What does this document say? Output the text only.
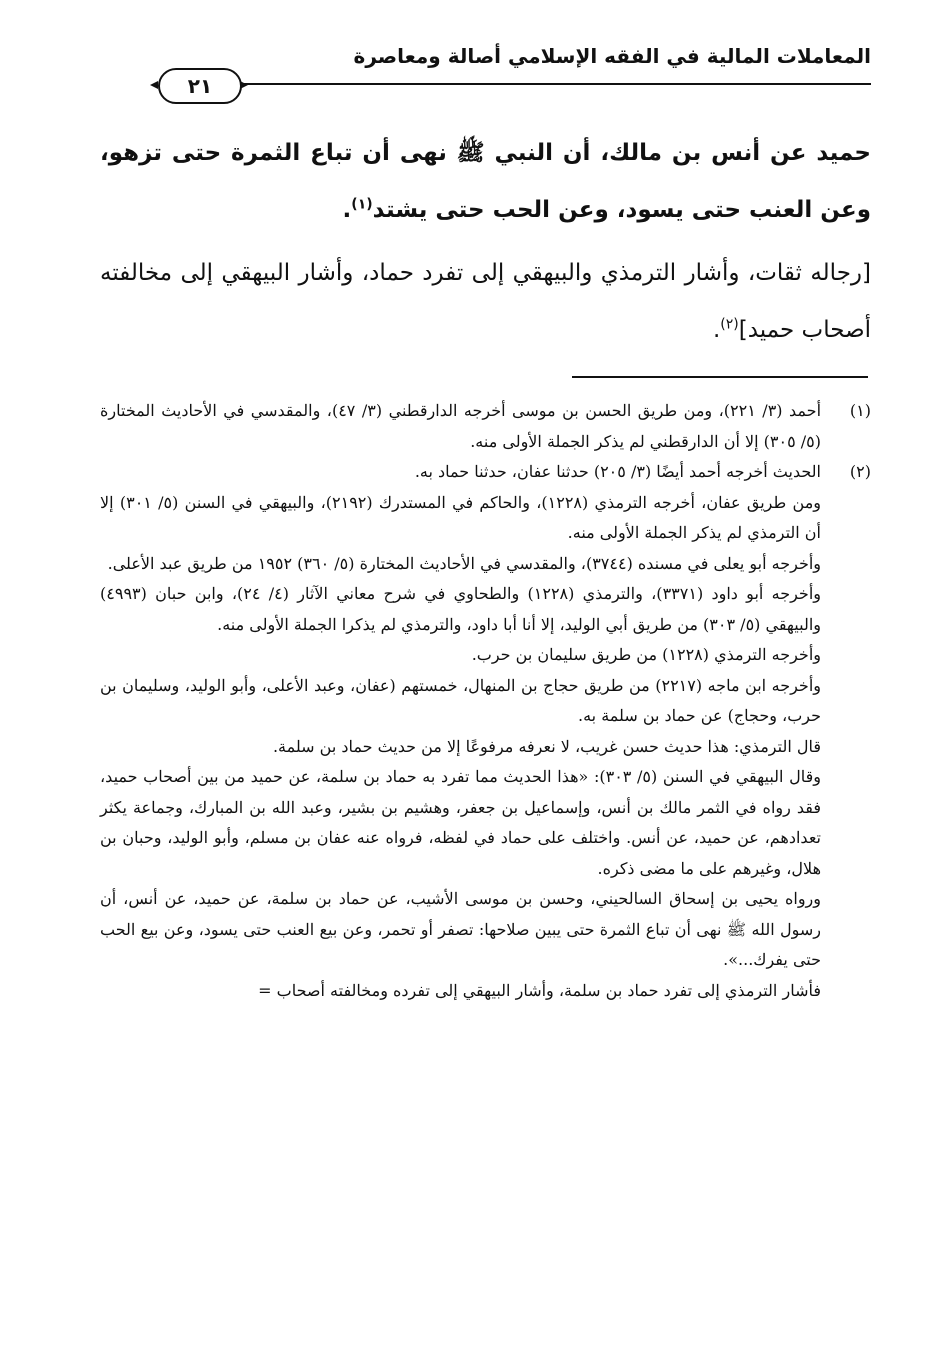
المعاملات المالية في الفقه الإسلامي أصالة ومعاصرة
٢١

حميد عن أنس بن مالك، أن النبي ﷺ نهى أن تباع الثمرة حتى تزهو، وعن العنب حتى يسود، وعن الحب حتى يشتد$^{(١)}$.

[رجاله ثقات، وأشار الترمذي والبيهقي إلى تفرد حماد، وأشار البيهقي إلى مخالفته أصحاب حميد]$^{(٢)}$.

(١)

أحمد (٣/ ٢٢١)، ومن طريق الحسن بن موسى أخرجه الدارقطني (٣/ ٤٧)، والمقدسي في الأحاديث المختارة (٥/ ٣٠٥) إلا أن الدارقطني لم يذكر الجملة الأولى منه.

(٢)

الحديث أخرجه أحمد أيضًا (٣/ ٢٠٥) حدثنا عفان، حدثنا حماد به.

ومن طريق عفان، أخرجه الترمذي (١٢٢٨)، والحاكم في المستدرك (٢١٩٢)، والبيهقي في السنن (٥/ ٣٠١) إلا أن الترمذي لم يذكر الجملة الأولى منه.

وأخرجه أبو يعلى في مسنده (٣٧٤٤)، والمقدسي في الأحاديث المختارة (٥/ ٣٦٠) ١٩٥٢ من طريق عبد الأعلى.

وأخرجه أبو داود (٣٣٧١)، والترمذي (١٢٢٨) والطحاوي في شرح معاني الآثار (٤/ ٢٤)، وابن حبان (٤٩٩٣) والبيهقي (٥/ ٣٠٣) من طريق أبي الوليد، إلا أنا أبا داود، والترمذي لم يذكرا الجملة الأولى منه.

وأخرجه الترمذي (١٢٢٨) من طريق سليمان بن حرب.

وأخرجه ابن ماجه (٢٢١٧) من طريق حجاج بن المنهال، خمستهم (عفان، وعبد الأعلى، وأبو الوليد، وسليمان بن حرب، وحجاج) عن حماد بن سلمة به.

قال الترمذي: هذا حديث حسن غريب، لا نعرفه مرفوعًا إلا من حديث حماد بن سلمة.

وقال البيهقي في السنن (٥/ ٣٠٣): «هذا الحديث مما تفرد به حماد بن سلمة، عن حميد من بين أصحاب حميد، فقد رواه في الثمر مالك بن أنس، وإسماعيل بن جعفر، وهشيم بن بشير، وعبد الله بن المبارك، وجماعة يكثر تعدادهم، عن حميد، عن أنس. واختلف على حماد في لفظه، فرواه عنه عفان بن مسلم، وأبو الوليد، وحبان بن هلال، وغيرهم على ما مضى ذكره.

ورواه يحيى بن إسحاق السالحيني، وحسن بن موسى الأشيب، عن حماد بن سلمة، عن حميد، عن أنس، أن رسول الله ﷺ نهى أن تباع الثمرة حتى يبين صلاحها: تصفر أو تحمر، وعن بيع العنب حتى يسود، وعن بيع الحب حتى يفرك...».

فأشار الترمذي إلى تفرد حماد بن سلمة، وأشار البيهقي إلى تفرده ومخالفته أصحاب =
